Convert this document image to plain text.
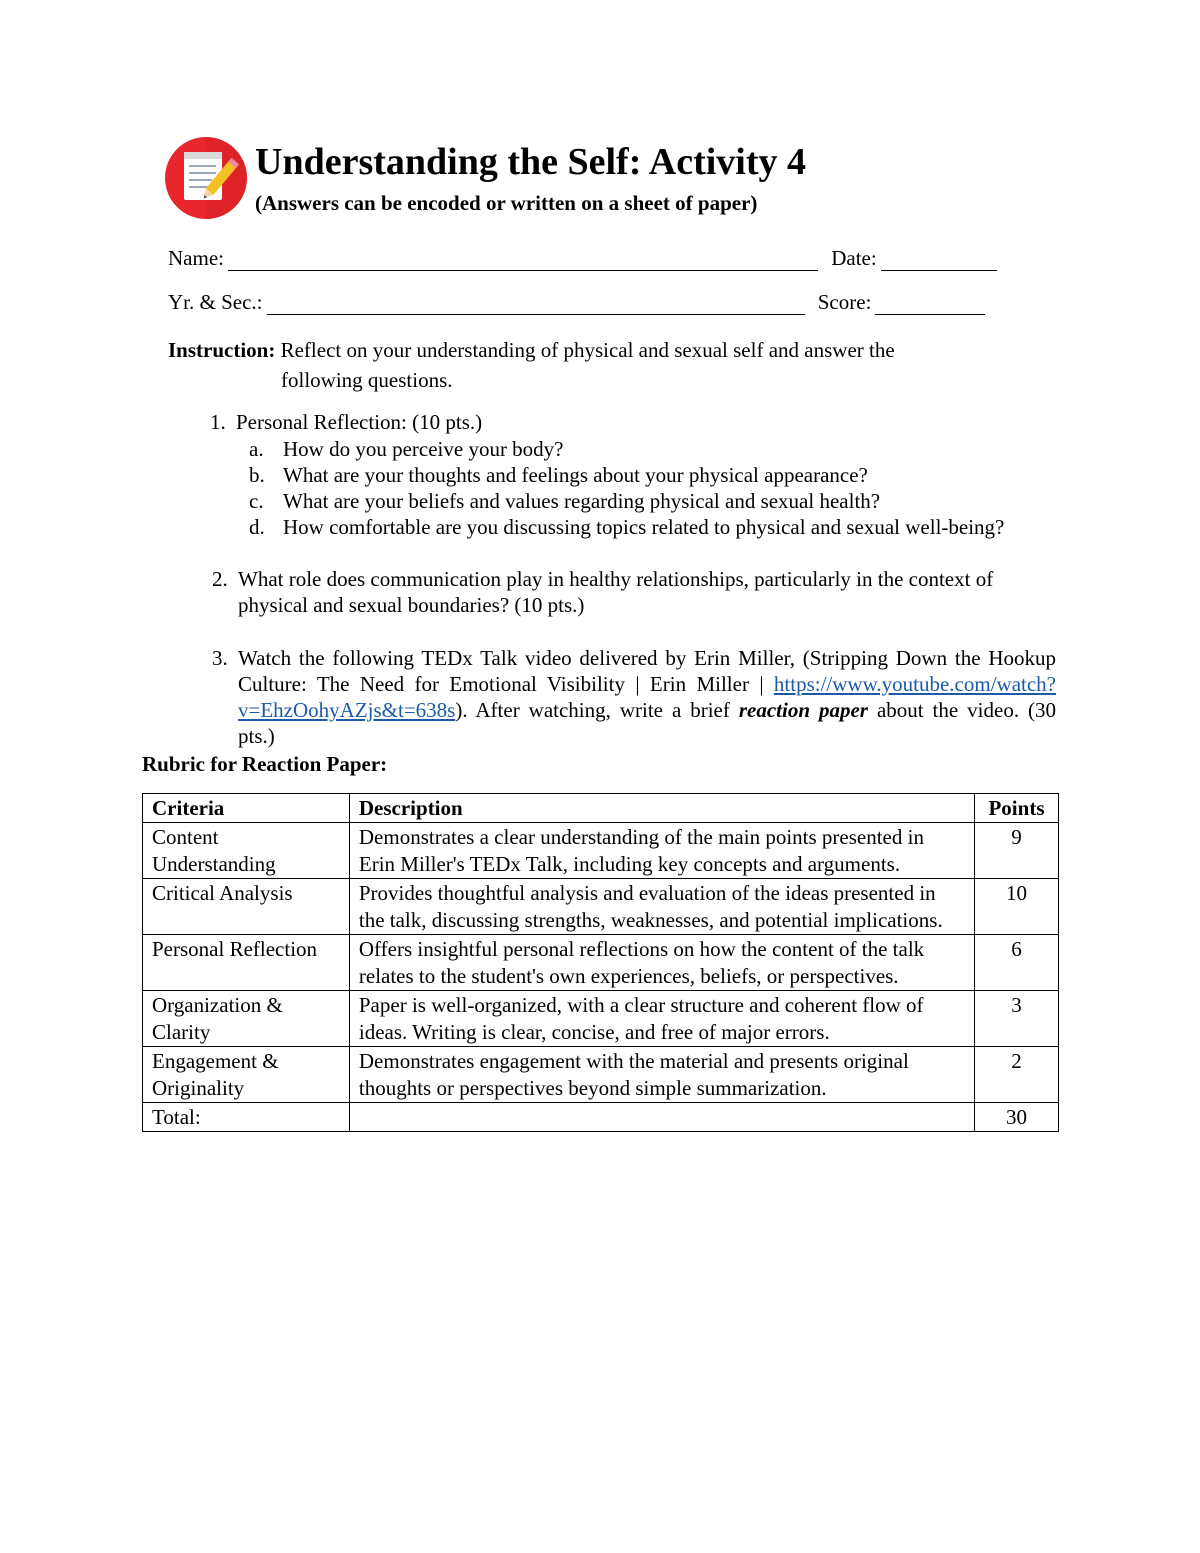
Understanding the Self: Activity 4
(Answers can be encoded or written on a sheet of paper)
Name:	Date:
Yr. & Sec.:	Score:
Instruction: Reflect on your understanding of physical and sexual self and answer the
following questions.
1. Personal Reflection: (10 pts.)
a. How do you perceive your body?
b. What are your thoughts and feelings about your physical appearance?
c. What are your beliefs and values regarding physical and sexual health?
d. How comfortable are you discussing topics related to physical and sexual well-being?
2. What role does communication play in healthy relationships, particularly in the context of physical and sexual boundaries? (10 pts.)
3. Watch the following TEDx Talk video delivered by Erin Miller, (Stripping Down the Hookup Culture: The Need for Emotional Visibility | Erin Miller | https://www.youtube.com/watch?v=EhzOohyAZjs&t=638s). After watching, write a brief reaction paper about the video. (30 pts.)
Rubric for Reaction Paper:
Criteria	Description	Points
Content Understanding	Demonstrates a clear understanding of the main points presented in Erin Miller's TEDx Talk, including key concepts and arguments.	9
Critical Analysis	Provides thoughtful analysis and evaluation of the ideas presented in the talk, discussing strengths, weaknesses, and potential implications.	10
Personal Reflection	Offers insightful personal reflections on how the content of the talk relates to the student's own experiences, beliefs, or perspectives.	6
Organization & Clarity	Paper is well-organized, with a clear structure and coherent flow of ideas. Writing is clear, concise, and free of major errors.	3
Engagement & Originality	Demonstrates engagement with the material and presents original thoughts or perspectives beyond simple summarization.	2
Total:		30
